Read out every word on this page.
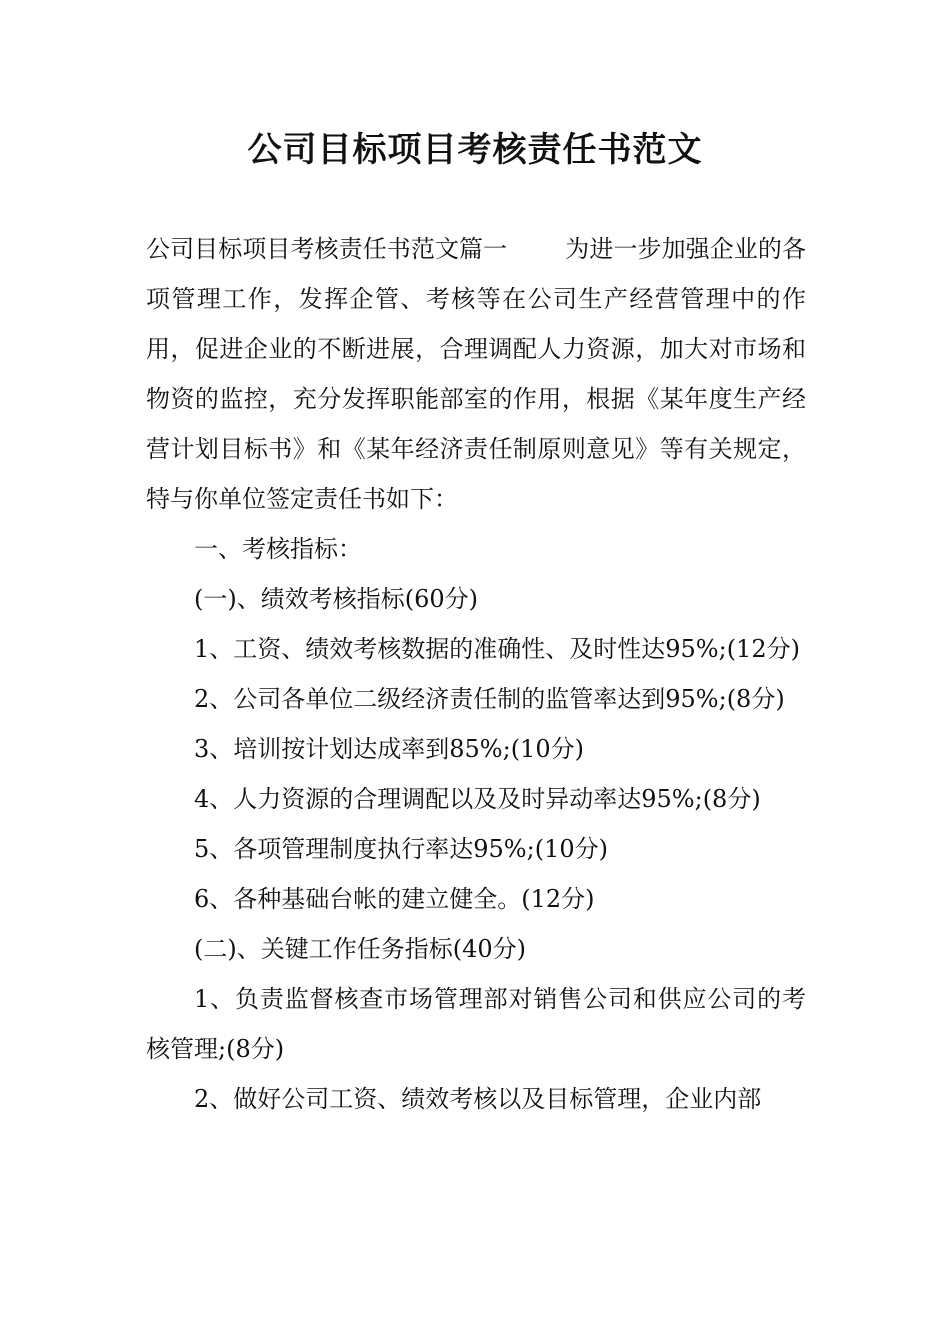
公司目标项目考核责任书范文

公司目标项目考核责任书范文篇一 为进一步加强企业的各项管理工作，发挥企管、考核等在公司生产经营管理中的作用，促进企业的不断进展，合理调配人力资源，加大对市场和物资的监控，充分发挥职能部室的作用，根据《某年度生产经营计划目标书》和《某年经济责任制原则意见》等有关规定，特与你单位签定责任书如下：

一、考核指标：

(一)、绩效考核指标(60分)

1、工资、绩效考核数据的准确性、及时性达95%;(12分)

2、公司各单位二级经济责任制的监管率达到95%;(8分)

3、培训按计划达成率到85%;(10分)

4、人力资源的合理调配以及及时异动率达95%;(8分)

5、各项管理制度执行率达95%;(10分)

6、各种基础台帐的建立健全。(12分)

(二)、关键工作任务指标(40分)

1、负责监督核查市场管理部对销售公司和供应公司的考核管理;(8分)

2、做好公司工资、绩效考核以及目标管理，企业内部
